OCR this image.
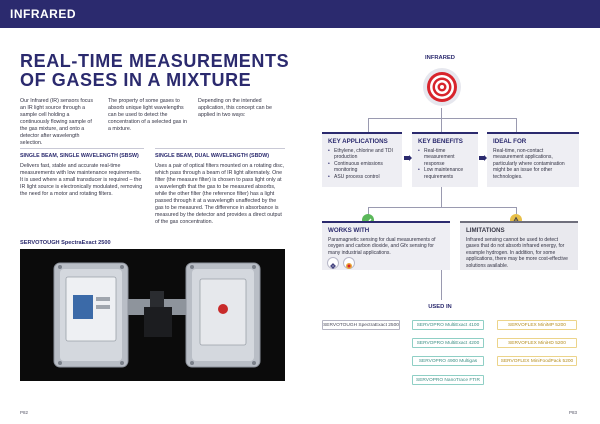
INFRARED
REAL-TIME MEASUREMENTS OF GASES IN A MIXTURE

Our Infrared (IR) sensors focus an IR light source through a sample cell holding a continuously flowing sample of the gas mixture, and onto a detector after wavelength selection.

The property of some gases to absorb unique light wavelengths can be used to detect the concentration of a selected gas in a mixture.

Depending on the intended application, this concept can be applied in two ways:

SINGLE BEAM, SINGLE WAVELENGTH (SBSW)

Delivers fast, stable and accurate real-time measurements with low maintenance requirements. It is used where a small transducer is required – the IR light source is electronically modulated, removing the need for a motor and rotating filters.

SINGLE BEAM, DUAL WAVELENGTH (SBDW)

Uses a pair of optical filters mounted on a rotating disc, which pass through a beam of IR light alternately. One filter (the measure filter) is chosen to pass light only at a wavelength that the gas to be measured absorbs, while the other filter (the reference filter) has a light passed through it at a wavelength unaffected by the gas to be measured. The difference in absorbance is measured by the detector and provides a direct output of the gas concentration.

SERVOTOUGH SpectraExact 2500
P82
INFRARED
KEY APPLICATIONS
• Ethylene, chlorine and TDI production
• Continuous emissions monitoring
• ASU process control
KEY BENEFITS
• Real-time measurement response
• Low maintenance requirements
IDEAL FOR

Real-time, non-contact measurement applications, particularly where contamination might be an issue for other technologies.

WORKS WITH

Paramagnetic sensing for dual measurements of oxygen and carbon dioxide, and Gfx sensing for many industrial applications.

LIMITATIONS

Infrared sensing cannot be used to detect gases that do not absorb infrared energy, for example hydrogen. In addition, for some applications, there may be more cost-effective solutions available.

USED IN
SERVOTOUGH SpectraExact 2500	SERVOPRO MultiExact 4100
SERVOPRO MultiExact 4200
SERVOPRO 4900 Multigas
SERVOPRO NanoTrace FTIR
SERVOFLEX MiniMP 5200
SERVOFLEX MiniHD 5200
SERVOFLEX MiniFoodPack 5200
P83
